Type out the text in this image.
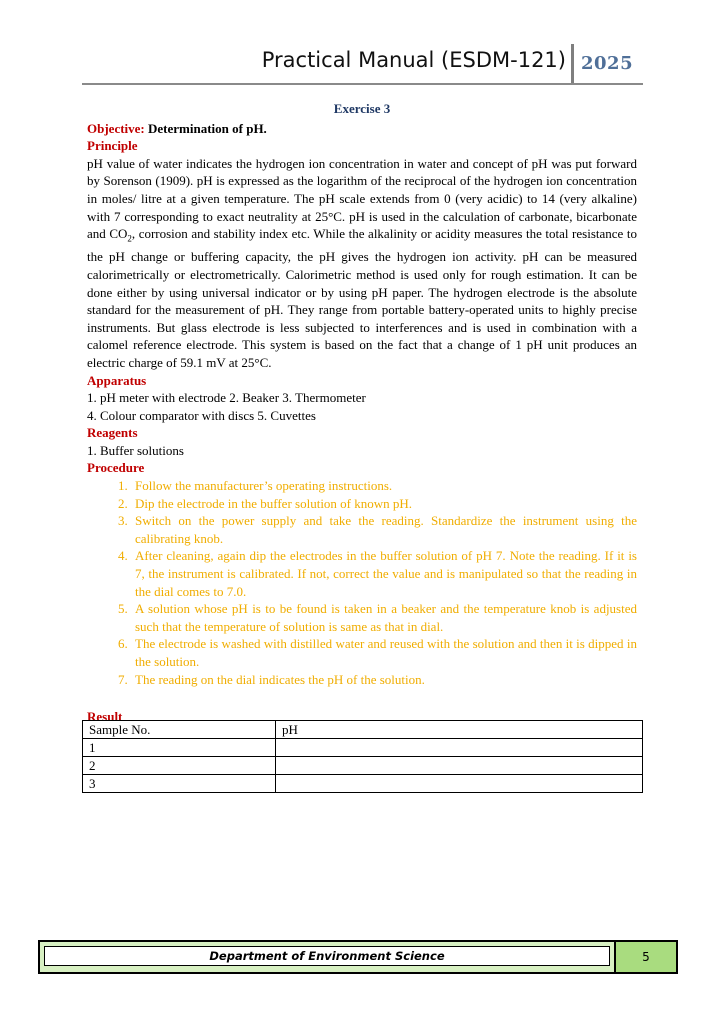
Practical Manual (ESDM-121) 2025
Exercise 3
Objective: Determination of pH.
Principle
pH value of water indicates the hydrogen ion concentration in water and concept of pH was put forward by Sorenson (1909). pH is expressed as the logarithm of the reciprocal of the hydrogen ion concentration in moles/ litre at a given temperature. The pH scale extends from 0 (very acidic) to 14 (very alkaline) with 7 corresponding to exact neutrality at 25°C. pH is used in the calculation of carbonate, bicarbonate and $CO_2$, corrosion and stability index etc. While the alkalinity or acidity measures the total resistance to the pH change or buffering capacity, the pH gives the hydrogen ion activity. pH can be measured calorimetrically or electrometrically. Calorimetric method is used only for rough estimation. It can be done either by using universal indicator or by using pH paper. The hydrogen electrode is the absolute standard for the measurement of pH. They range from portable battery-operated units to highly precise instruments. But glass electrode is less subjected to interferences and is used in combination with a calomel reference electrode. This system is based on the fact that a change of 1 pH unit produces an electric charge of 59.1 mV at 25°C.
Apparatus
1. pH meter with electrode 2. Beaker 3. Thermometer
4. Colour comparator with discs 5. Cuvettes
Reagents
1. Buffer solutions
Procedure
1. Follow the manufacturer’s operating instructions.
2. Dip the electrode in the buffer solution of known pH.
3. Switch on the power supply and take the reading. Standardize the instrument using the calibrating knob.
4. After cleaning, again dip the electrodes in the buffer solution of pH 7. Note the reading. If it is 7, the instrument is calibrated. If not, correct the value and is manipulated so that the reading in the dial comes to 7.0.
5. A solution whose pH is to be found is taken in a beaker and the temperature knob is adjusted such that the temperature of solution is same as that in dial.
6. The electrode is washed with distilled water and reused with the solution and then it is dipped in the solution.
7. The reading on the dial indicates the pH of the solution.
Result
Sample No.	pH
1	
2	
3	
Department of Environment Science	5
